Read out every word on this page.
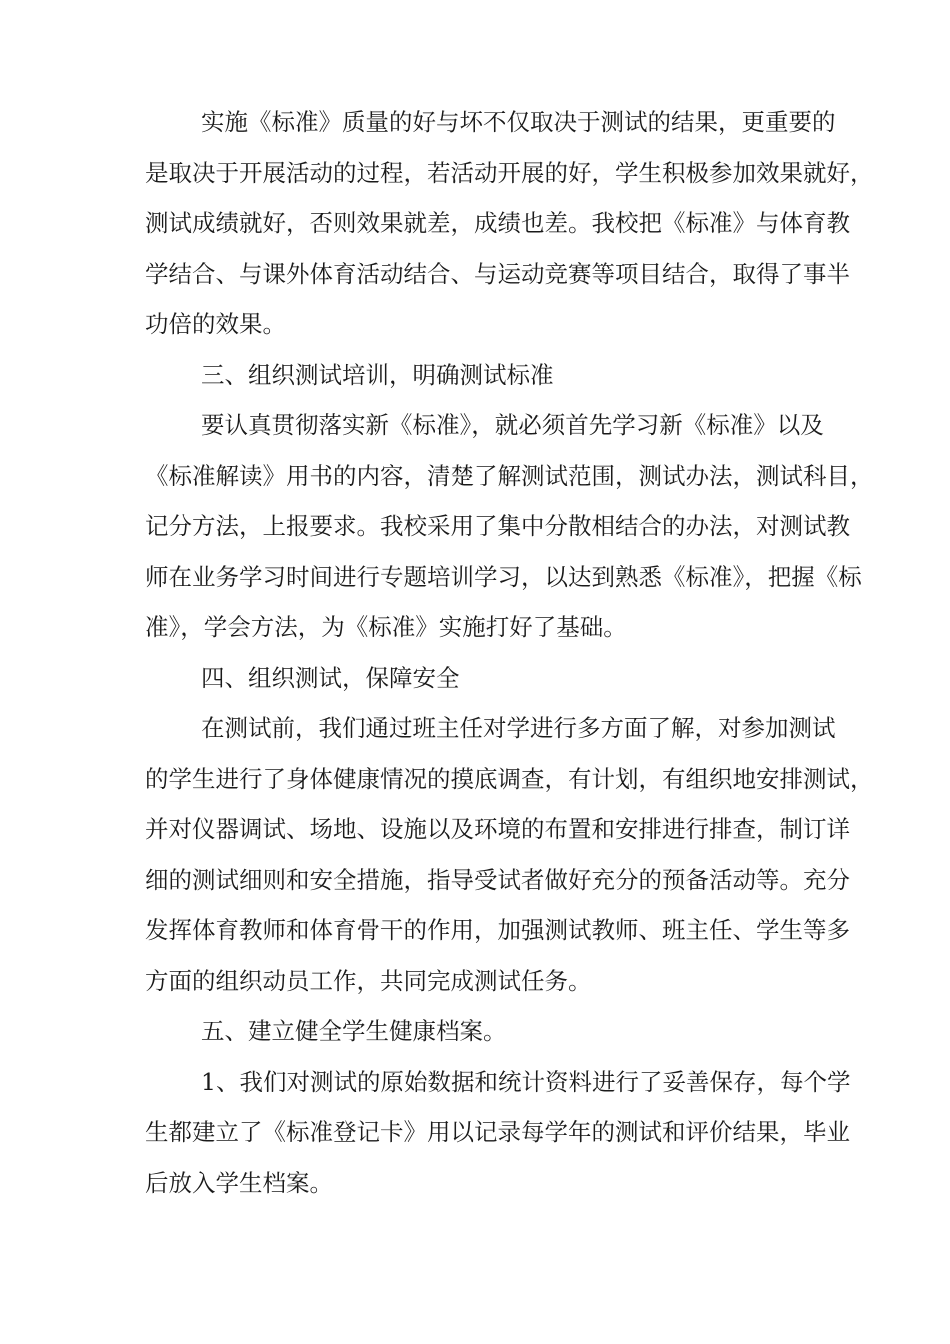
实施《标准》质量的好与坏不仅取决于测试的结果，更重要的
是取决于开展活动的过程，若活动开展的好，学生积极参加效果就好，
测试成绩就好，否则效果就差，成绩也差。我校把《标准》与体育教
学结合、与课外体育活动结合、与运动竞赛等项目结合，取得了事半
功倍的效果。
三、组织测试培训，明确测试标准
要认真贯彻落实新《标准》，就必须首先学习新《标准》以及
《标准解读》用书的内容，清楚了解测试范围，测试办法，测试科目，
记分方法，上报要求。我校采用了集中分散相结合的办法，对测试教
师在业务学习时间进行专题培训学习，以达到熟悉《标准》，把握《标
准》，学会方法，为《标准》实施打好了基础。
四、组织测试，保障安全
在测试前，我们通过班主任对学进行多方面了解，对参加测试
的学生进行了身体健康情况的摸底调查，有计划，有组织地安排测试，
并对仪器调试、场地、设施以及环境的布置和安排进行排查，制订详
细的测试细则和安全措施，指导受试者做好充分的预备活动等。充分
发挥体育教师和体育骨干的作用，加强测试教师、班主任、学生等多
方面的组织动员工作，共同完成测试任务。
五、建立健全学生健康档案。
1、我们对测试的原始数据和统计资料进行了妥善保存，每个学
生都建立了《标准登记卡》用以记录每学年的测试和评价结果，毕业
后放入学生档案。
